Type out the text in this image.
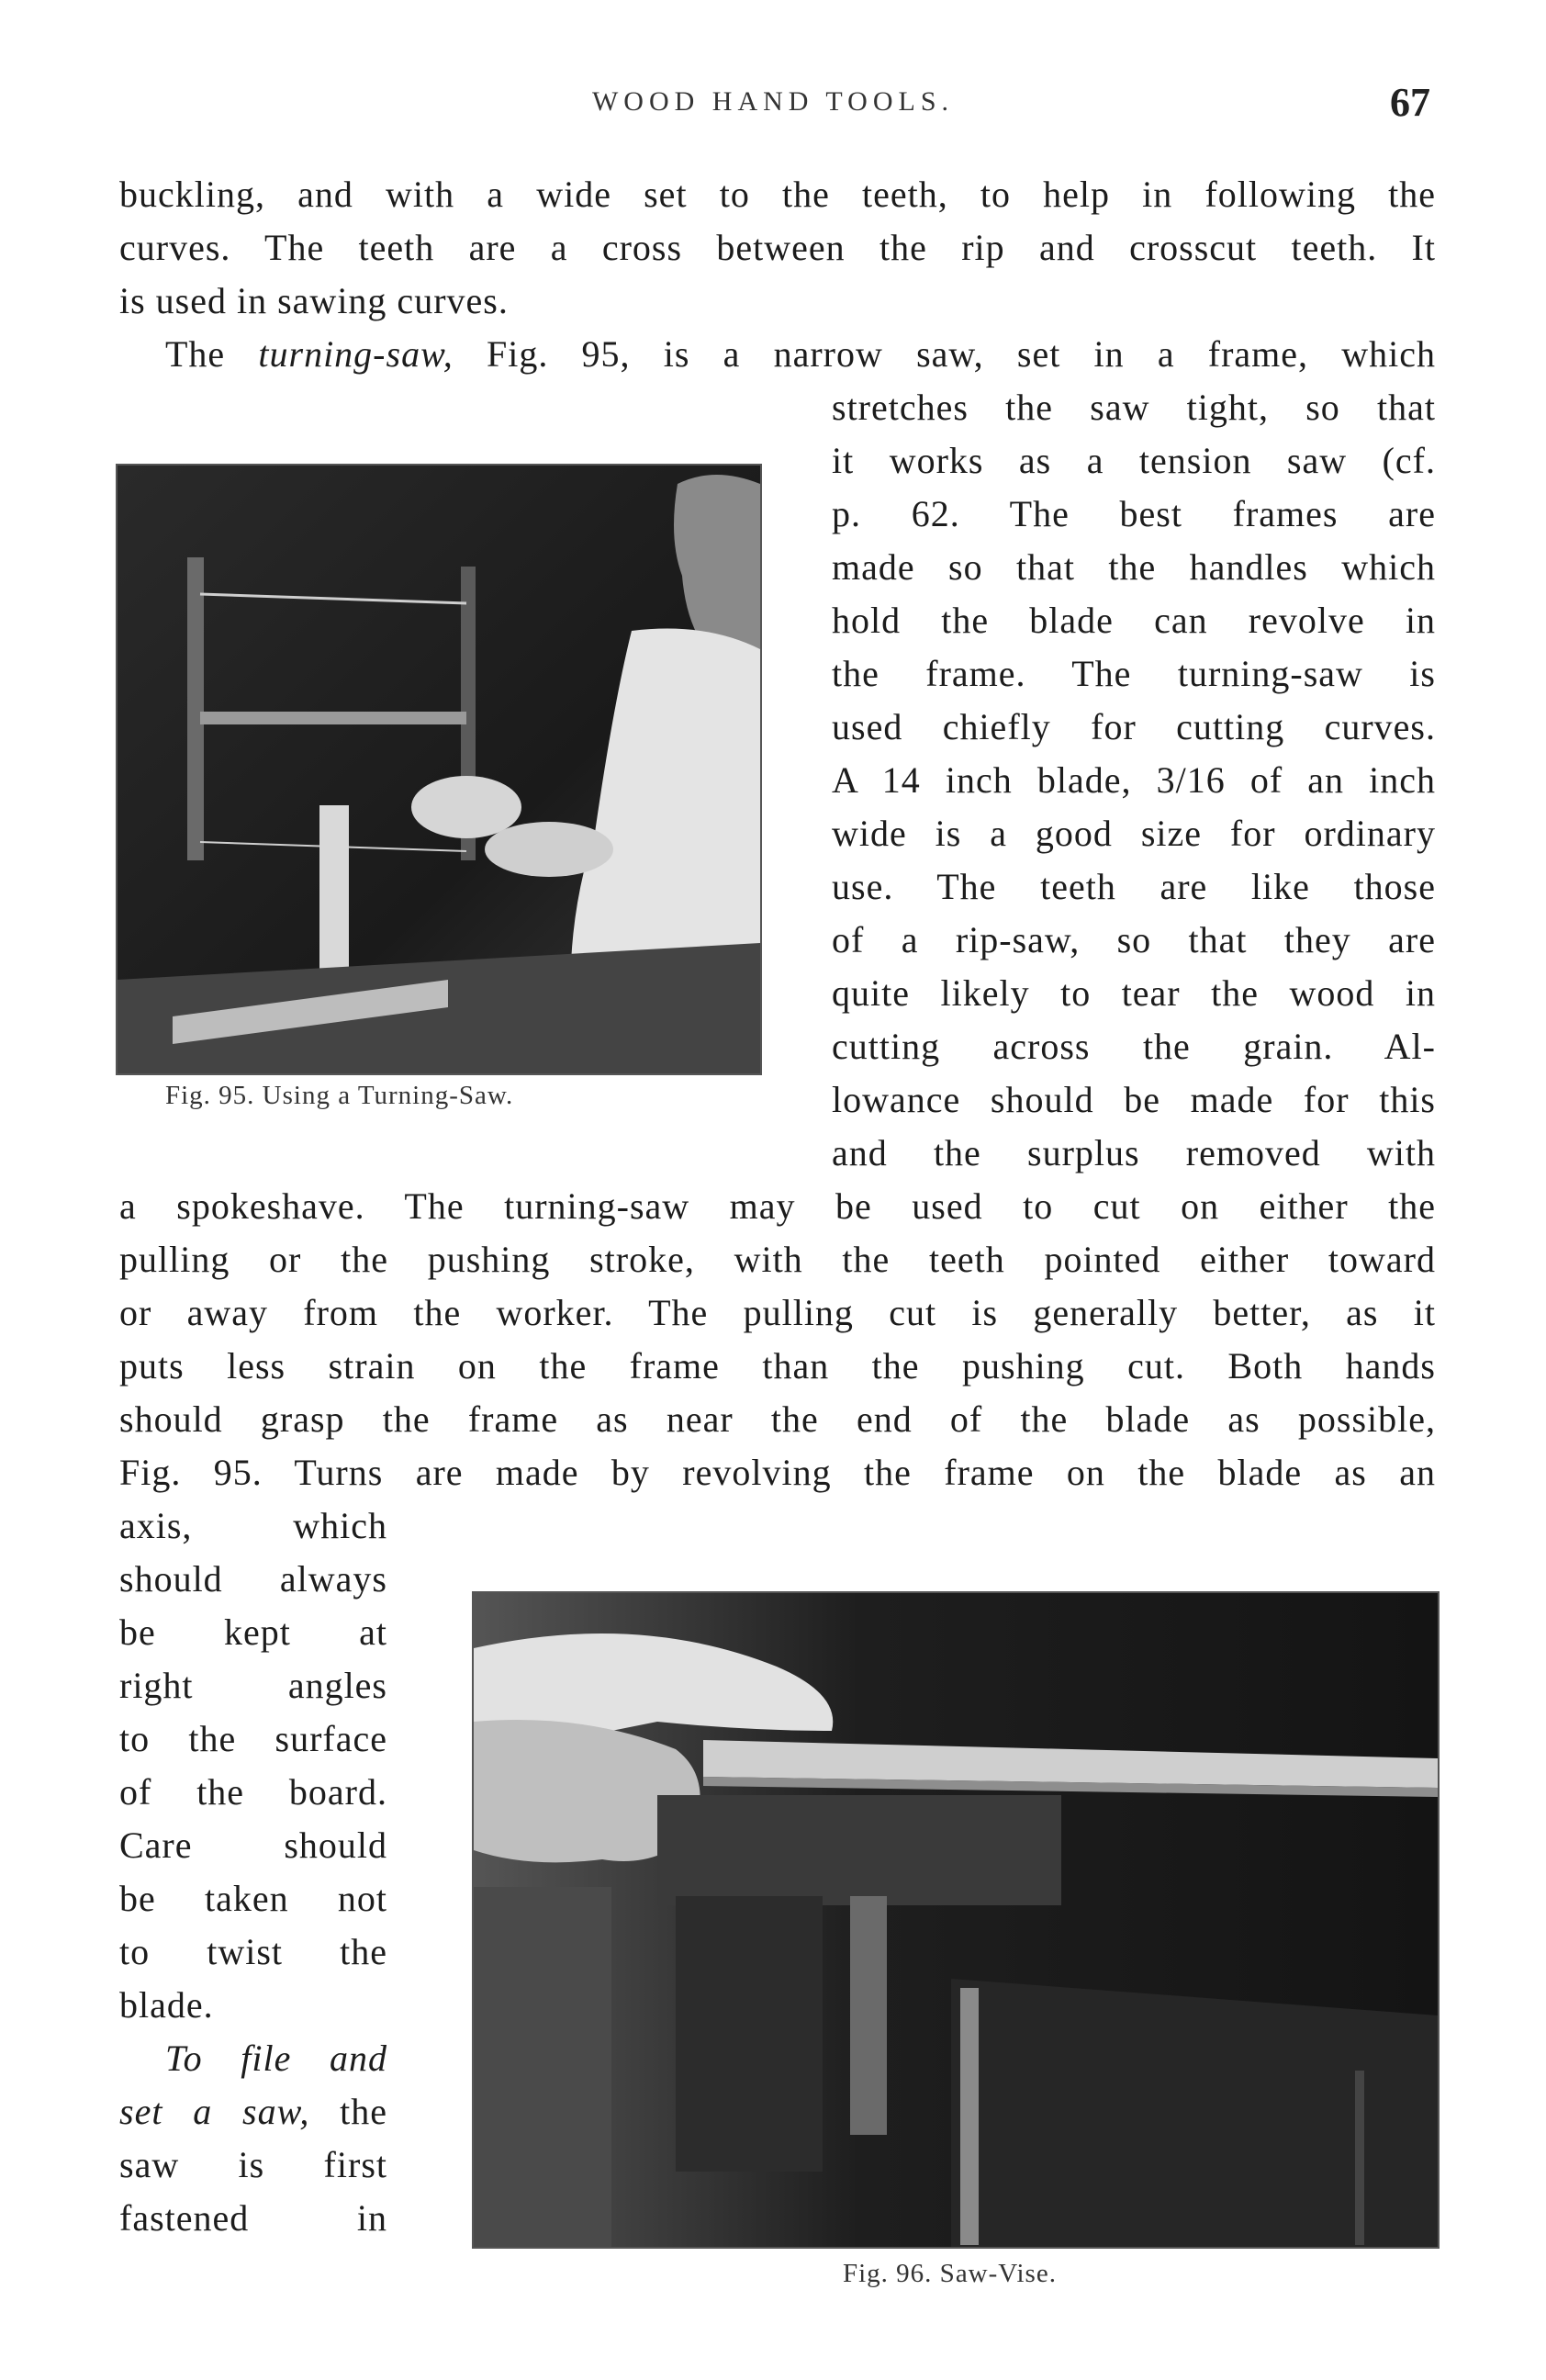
WOOD HAND TOOLS.	67
buckling, and with a wide set to the teeth, to help in following the
curves. The teeth are a cross between the rip and crosscut teeth. It
is used in sawing curves.
The turning-saw, Fig. 95, is a narrow saw, set in a frame, which
stretches the saw tight, so that
it works as a tension saw (cf.
p. 62. The best frames are
made so that the handles which
hold the blade can revolve in
the frame. The turning-saw is
used chiefly for cutting curves.
A 14 inch blade, 3/16 of an inch
wide is a good size for ordinary
use. The teeth are like those
of a rip-saw, so that they are
quite likely to tear the wood in
cutting across the grain. Al-
lowance should be made for this
and the surplus removed with
Fig. 95. Using a Turning-Saw.
a spokeshave. The turning-saw may be used to cut on either the
pulling or the pushing stroke, with the teeth pointed either toward
or away from the worker. The pulling cut is generally better, as it
puts less strain on the frame than the pushing cut. Both hands
should grasp the frame as near the end of the blade as possible,
Fig. 95. Turns are made by revolving the frame on the blade as an
axis, which
should always
be kept at
right angles
to the surface
of the board.
Care should
be taken not
to twist the
blade.
To file and
set a saw, the
saw is first
fastened in
Fig. 96. Saw-Vise.
